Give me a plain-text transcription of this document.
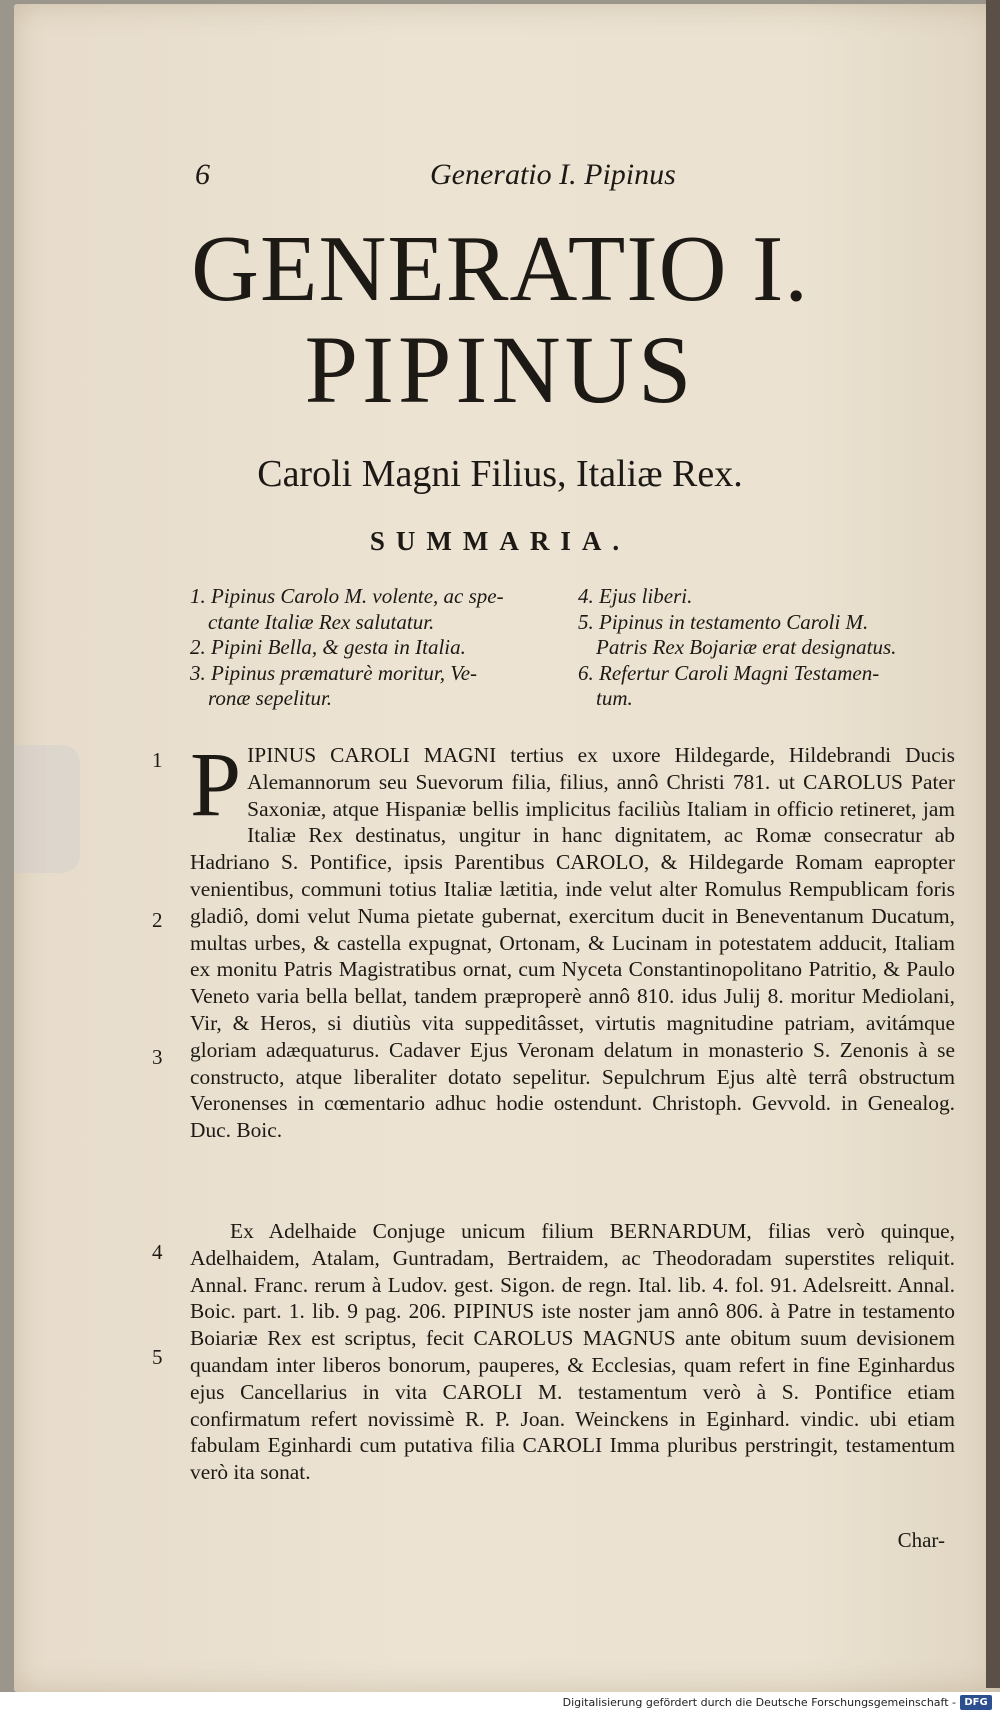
6	Generatio I. Pipinus
GENERATIO I.
PIPINUS
Caroli Magni Filius, Italiæ Rex.
SUMMARIA.
1. Pipinus Carolo M. volente, ac spe-
ctante Italiæ Rex salutatur.
2. Pipini Bella, & gesta in Italia.
3. Pipinus præmaturè moritur, Ve-
ronæ sepelitur.
4. Ejus liberi.
5. Pipinus in testamento Caroli M.
Patris Rex Bojariæ erat designatus.
6. Refertur Caroli Magni Testamen-
tum.
1
2
3
4
5
P IPINUS CAROLI MAGNI tertius ex uxore Hildegarde, Hildebrandi Ducis Alemannorum seu Suevorum filia, filius, annô Christi 781. ut CAROLUS Pater Saxoniæ, atque Hispaniæ bellis implicitus faciliùs Italiam in officio retineret, jam Italiæ Rex destinatus, ungitur in hanc dignitatem, ac Romæ consecratur ab Hadriano S. Pontifice, ipsis Parentibus CAROLO, & Hildegarde Romam eapropter venientibus, communi totius Italiæ lætitia, inde velut alter Romulus Rempublicam foris gladiô, domi velut Numa pietate gubernat, exercitum ducit in Beneventanum Ducatum, multas urbes, & castella expugnat, Ortonam, & Lucinam in potestatem adducit, Italiam ex monitu Patris Magistratibus ornat, cum Nyceta Constantinopolitano Patritio, & Paulo Veneto varia bella bellat, tandem præproperè annô 810. idus Julij 8. moritur Mediolani, Vir, & Heros, si diutiùs vita suppeditâsset, virtutis magnitudine patriam, avitámque gloriam adæquaturus. Cadaver Ejus Veronam delatum in monasterio S. Zenonis à se constructo, atque liberaliter dotato sepelitur. Sepulchrum Ejus altè terrâ obstructum Veronenses in cœmentario adhuc hodie ostendunt. Christoph. Gevvold. in Genealog. Duc. Boic.
Ex Adelhaide Conjuge unicum filium BERNARDUM, filias verò quinque, Adelhaidem, Atalam, Guntradam, Bertraidem, ac Theodoradam superstites reliquit. Annal. Franc. rerum à Ludov. gest. Sigon. de regn. Ital. lib. 4. fol. 91. Adelsreitt. Annal. Boic. part. 1. lib. 9 pag. 206. PIPINUS iste noster jam annô 806. à Patre in testamento Boiariæ Rex est scriptus, fecit CAROLUS MAGNUS ante obitum suum devisionem quandam inter liberos bonorum, pauperes, & Ecclesias, quam refert in fine Eginhardus ejus Cancellarius in vita CAROLI M. testamentum verò à S. Pontifice etiam confirmatum refert novissimè R. P. Joan. Weinckens in Eginhard. vindic. ubi etiam fabulam Eginhardi cum putativa filia CAROLI Imma pluribus perstringit, testamentum verò ita sonat.
Char-
Digitalisierung gefördert durch die Deutsche Forschungsgemeinschaft - DFG
